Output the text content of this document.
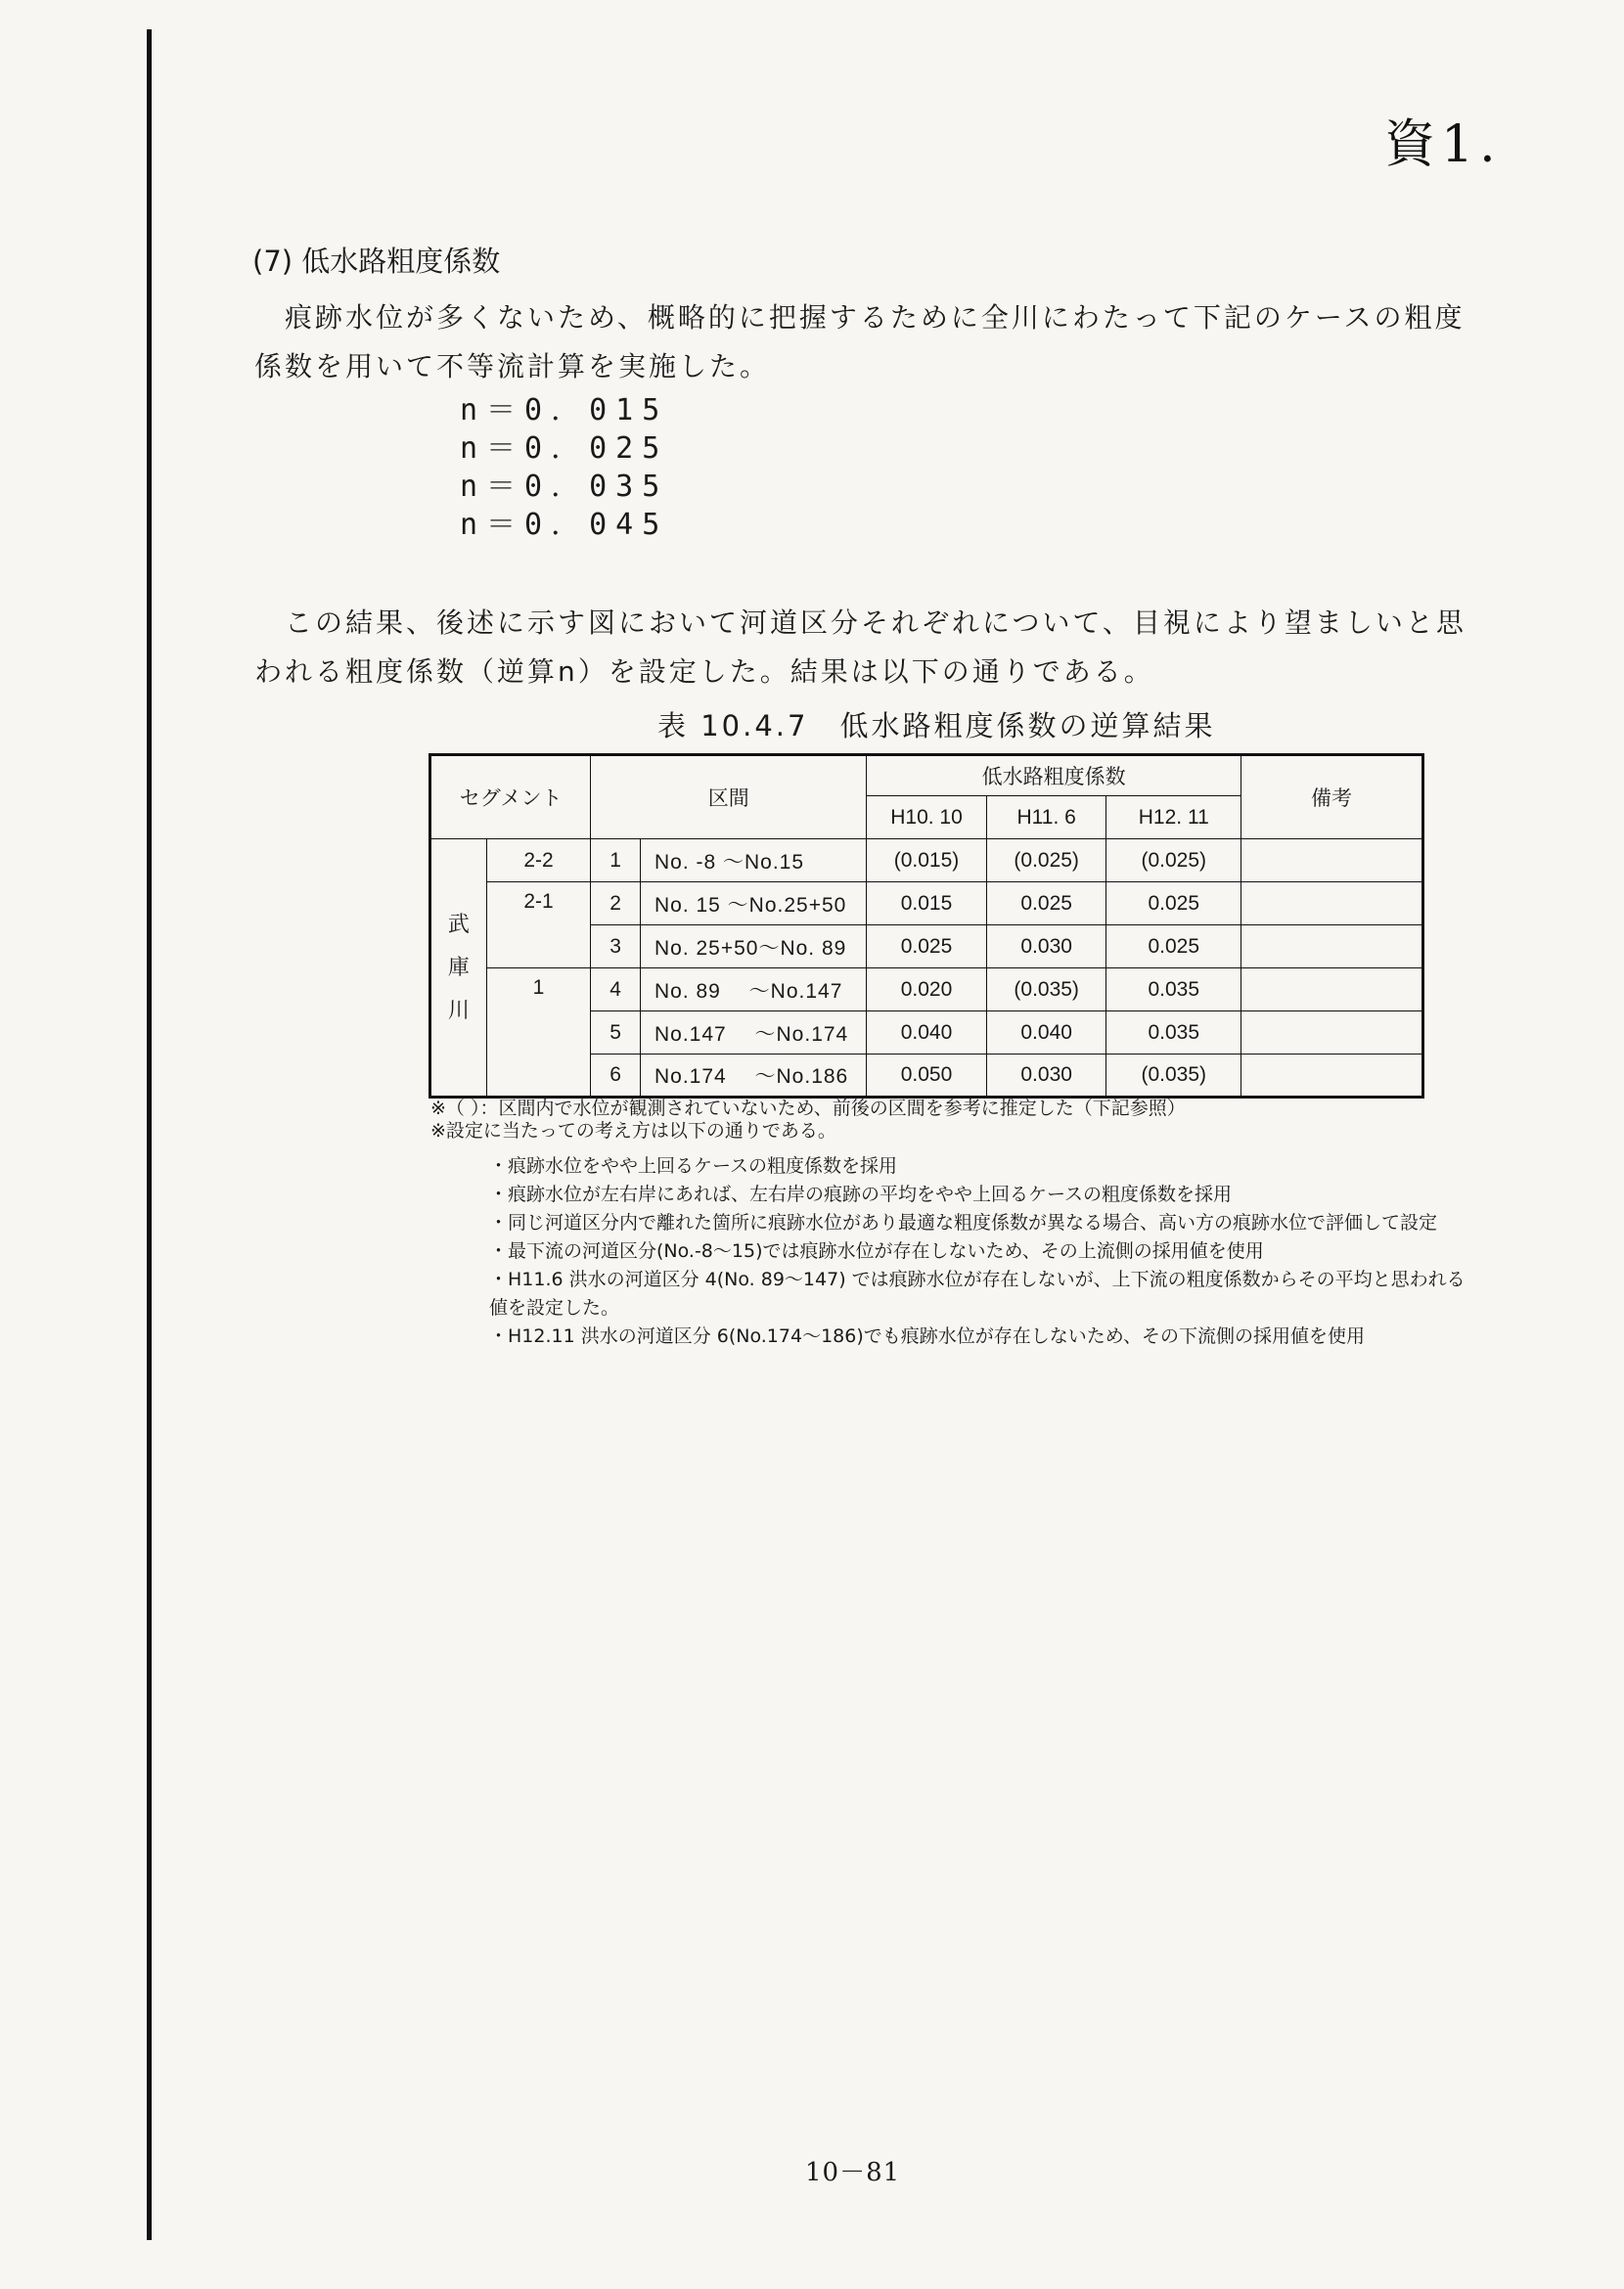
資1.
(7) 低水路粗度係数
　痕跡水位が多くないため、概略的に把握するために全川にわたって下記のケースの粗度
係数を用いて不等流計算を実施した。
n＝0．015
n＝0．025
n＝0．035
n＝0．045
　この結果、後述に示す図において河道区分それぞれについて、目視により望ましいと思
われる粗度係数（逆算n）を設定した。結果は以下の通りである。
表 10.4.7　低水路粗度係数の逆算結果
セグメント		区間		低水路粗度係数			備考
				H10. 10	H11. 6	H12. 11	

武
庫
川	2-2	1	No. -8 ～No.15	(0.015)	(0.025)	(0.025)	
	2-1	2	No. 15 ～No.25+50	0.015	0.025	0.025	
		3	No. 25+50～No. 89	0.025	0.030	0.025	
	1	4	No. 89 　～No.147	0.020	(0.035)	0.035	
		5	No.147 　～No.174	0.040	0.040	0.035	
		6	No.174 　～No.186	0.050	0.030	(0.035)	

※（ ）：区間内で水位が観測されていないため、前後の区間を参考に推定した（下記参照）

※設定に当たっての考え方は以下の通りである。

・痕跡水位をやや上回るケースの粗度係数を採用

・痕跡水位が左右岸にあれば、左右岸の痕跡の平均をやや上回るケースの粗度係数を採用

・同じ河道区分内で離れた箇所に痕跡水位があり最適な粗度係数が異なる場合、高い方の痕跡水位で評価して設定

・最下流の河道区分(No.-8～15)では痕跡水位が存在しないため、その上流側の採用値を使用

・H11.6 洪水の河道区分 4(No. 89～147) では痕跡水位が存在しないが、上下流の粗度係数からその平均と思われる値を設定した。

・H12.11 洪水の河道区分 6(No.174～186)でも痕跡水位が存在しないため、その下流側の採用値を使用

10－81
